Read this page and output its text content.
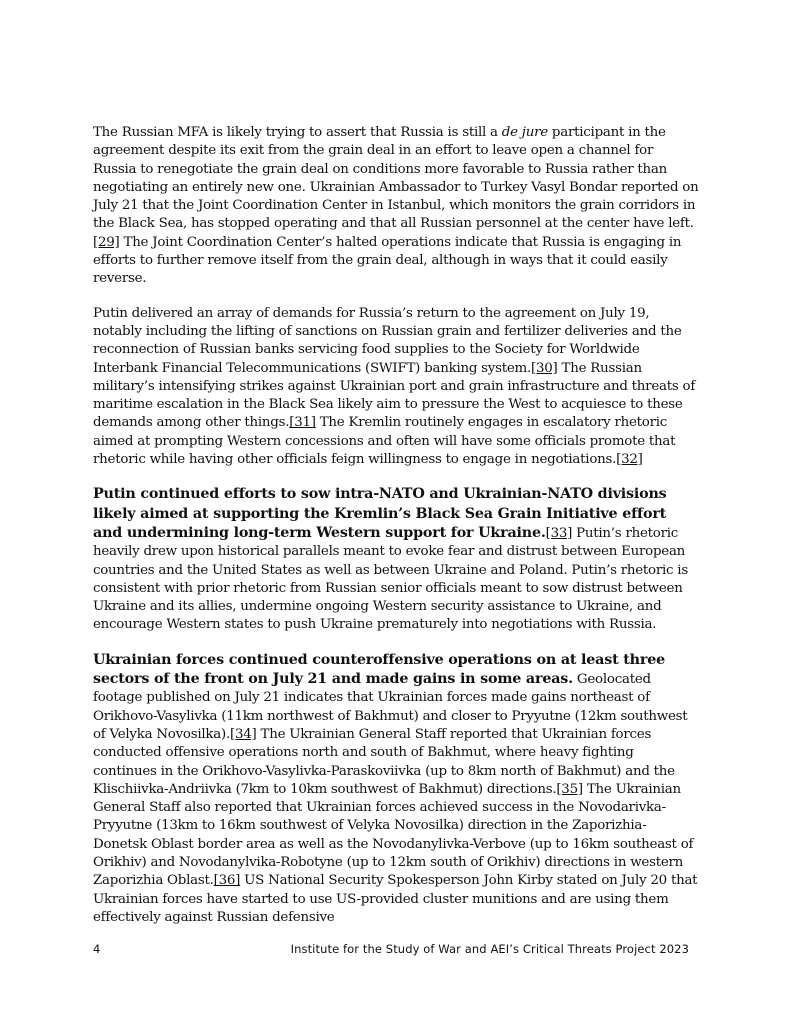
The Russian MFA is likely trying to assert that Russia is still a de jure participant in the agreement despite its exit from the grain deal in an effort to leave open a channel for Russia to renegotiate the grain deal on conditions more favorable to Russia rather than negotiating an entirely new one. Ukrainian Ambassador to Turkey Vasyl Bondar reported on July 21 that the Joint Coordination Center in Istanbul, which monitors the grain corridors in the Black Sea, has stopped operating and that all Russian personnel at the center have left.[29] The Joint Coordination Center’s halted operations indicate that Russia is engaging in efforts to further remove itself from the grain deal, although in ways that it could easily reverse.

Putin delivered an array of demands for Russia’s return to the agreement on July 19, notably including the lifting of sanctions on Russian grain and fertilizer deliveries and the reconnection of Russian banks servicing food supplies to the Society for Worldwide Interbank Financial Telecommunications (SWIFT) banking system.[30] The Russian military’s intensifying strikes against Ukrainian port and grain infrastructure and threats of maritime escalation in the Black Sea likely aim to pressure the West to acquiesce to these demands among other things.[31] The Kremlin routinely engages in escalatory rhetoric aimed at prompting Western concessions and often will have some officials promote that rhetoric while having other officials feign willingness to engage in negotiations.[32]

Putin continued efforts to sow intra-NATO and Ukrainian-NATO divisions likely aimed at supporting the Kremlin’s Black Sea Grain Initiative effort and undermining long-term Western support for Ukraine.[33] Putin’s rhetoric heavily drew upon historical parallels meant to evoke fear and distrust between European countries and the United States as well as between Ukraine and Poland. Putin’s rhetoric is consistent with prior rhetoric from Russian senior officials meant to sow distrust between Ukraine and its allies, undermine ongoing Western security assistance to Ukraine, and encourage Western states to push Ukraine prematurely into negotiations with Russia.

Ukrainian forces continued counteroffensive operations on at least three sectors of the front on July 21 and made gains in some areas. Geolocated footage published on July 21 indicates that Ukrainian forces made gains northeast of Orikhovo-Vasylivka (11km northwest of Bakhmut) and closer to Pryyutne (12km southwest of Velyka Novosilka).[34] The Ukrainian General Staff reported that Ukrainian forces conducted offensive operations north and south of Bakhmut, where heavy fighting continues in the Orikhovo-Vasylivka-Paraskoviivka (up to 8km north of Bakhmut) and the Klischiivka-Andriivka (7km to 10km southwest of Bakhmut) directions.[35] The Ukrainian General Staff also reported that Ukrainian forces achieved success in the Novodarivka-Pryyutne (13km to 16km southwest of Velyka Novosilka) direction in the Zaporizhia-Donetsk Oblast border area as well as the Novodanylivka-Verbove (up to 16km southeast of Orikhiv) and Novodanylvika-Robotyne (up to 12km south of Orikhiv) directions in western Zaporizhia Oblast.[36] US National Security Spokesperson John Kirby stated on July 20 that Ukrainian forces have started to use US-provided cluster munitions and are using them effectively against Russian defensive

4	Institute for the Study of War and AEI’s Critical Threats Project 2023
